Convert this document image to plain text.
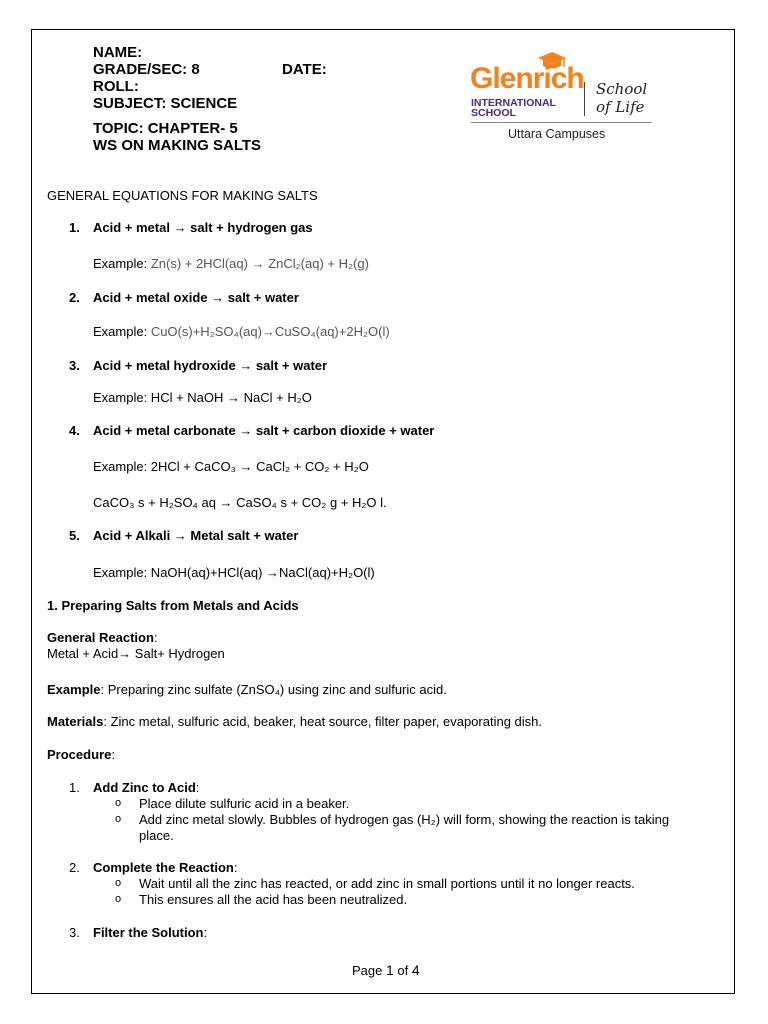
NAME:
GRADE/SEC: 8	DATE:
ROLL:
SUBJECT: SCIENCE
TOPIC: CHAPTER- 5
WS ON MAKING SALTS
Glenrich
INTERNATIONAL
SCHOOL
School
of Life
Uttara Campuses
GENERAL EQUATIONS FOR MAKING SALTS
1. Acid + metal → salt + hydrogen gas
Example: Zn(s) + 2HCl(aq) → ZnCl₂(aq) + H₂(g)
2. Acid + metal oxide → salt + water
Example: CuO(s)+H₂SO₄(aq)→CuSO₄(aq)+2H₂O(l)
3. Acid + metal hydroxide → salt + water
Example: HCl + NaOH → NaCl + H₂O
4. Acid + metal carbonate → salt + carbon dioxide + water
Example: 2HCl + CaCO₃ → CaCl₂ + CO₂ + H₂O
CaCO₃ s + H₂SO₄ aq → CaSO₄ s + CO₂ g + H₂O l.
5. Acid + Alkali → Metal salt + water
Example: NaOH(aq)+HCl(aq) →NaCl(aq)+H₂O(l)
1. Preparing Salts from Metals and Acids
General Reaction:
Metal + Acid→ Salt+ Hydrogen
Example: Preparing zinc sulfate (ZnSO₄) using zinc and sulfuric acid.
Materials: Zinc metal, sulfuric acid, beaker, heat source, filter paper, evaporating dish.
Procedure:
1. Add Zinc to Acid:
o Place dilute sulfuric acid in a beaker.
o Add zinc metal slowly. Bubbles of hydrogen gas (H₂) will form, showing the reaction is taking
place.
2. Complete the Reaction:
o Wait until all the zinc has reacted, or add zinc in small portions until it no longer reacts.
o This ensures all the acid has been neutralized.
3. Filter the Solution:
Page 1 of 4
